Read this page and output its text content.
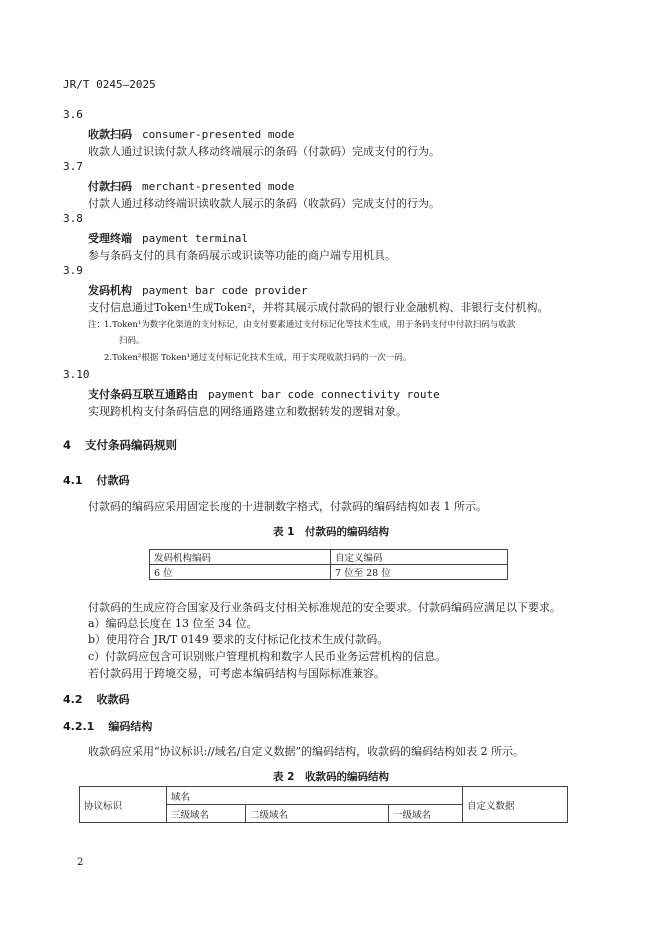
JR/T 0245—2025
3.6
收款扫码 consumer-presented mode
收款人通过识读付款人移动终端展示的条码（付款码）完成支付的行为。
3.7
付款扫码 merchant-presented mode
付款人通过移动终端识读收款人展示的条码（收款码）完成支付的行为。
3.8
受理终端 payment terminal
参与条码支付的具有条码展示或识读等功能的商户端专用机具。
3.9
发码机构 payment bar code provider
支付信息通过Token¹生成Token²，并将其展示成付款码的银行业金融机构、非银行支付机构。
注：
1.Token¹为数字化渠道的支付标记，由支付要素通过支付标记化等技术生成，用于条码支付中付款扫码与收款
扫码。
2.Token²根据 Token¹通过支付标记化技术生成，用于实现收款扫码的一次一码。
3.10
支付条码互联互通路由 payment bar code connectivity route
实现跨机构支付条码信息的网络通路建立和数据转发的逻辑对象。
4 支付条码编码规则
4.1 付款码
付款码的编码应采用固定长度的十进制数字格式，付款码的编码结构如表 1 所示。
表 1　付款码的编码结构
发码机构编码	自定义编码
6 位	7 位至 28 位
付款码的生成应符合国家及行业条码支付相关标准规范的安全要求。付款码编码应满足以下要求。
a）编码总长度在 13 位至 34 位。
b）使用符合 JR/T 0149 要求的支付标记化技术生成付款码。
c）付款码应包含可识别账户管理机构和数字人民币业务运营机构的信息。
若付款码用于跨境交易，可考虑本编码结构与国际标准兼容。
4.2 收款码
4.2.1 编码结构
收款码应采用“协议标识://域名/自定义数据”的编码结构，收款码的编码结构如表 2 所示。
表 2　收款码的编码结构
协议标识	域名			自定义数据
	三级域名	二级域名	一级域名	
2
